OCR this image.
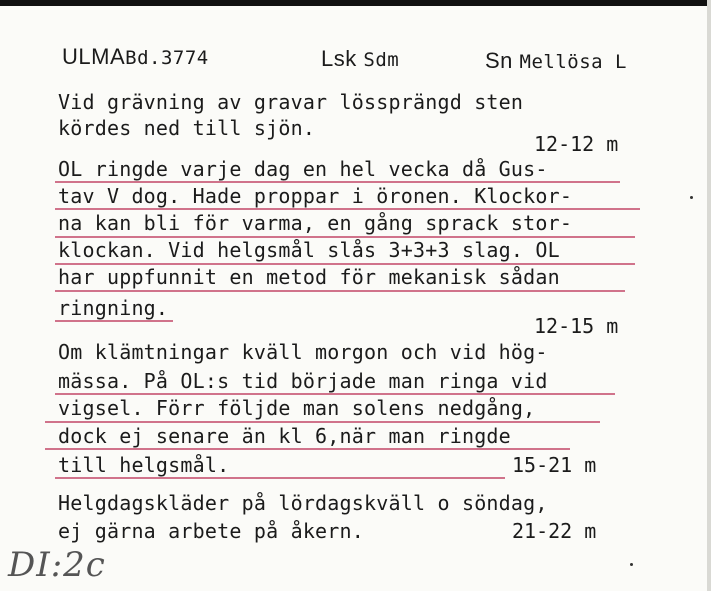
ULMABd.3774	Lsk Sdm	Sn Mellösa L
Vid grävning av gravar lössprängd sten
kördes ned till sjön.
12-12 m
OL ringde varje dag en hel vecka då Gus-
tav V dog. Hade proppar i öronen. Klockor-
na kan bli för varma, en gång sprack stor-
klockan. Vid helgsmål slås 3+3+3 slag. OL
har uppfunnit en metod för mekanisk sådan
ringning.
12-15 m
Om klämtningar kväll morgon och vid hög-
mässa. På OL:s tid började man ringa vid
vigsel. Förr följde man solens nedgång,
dock ej senare än kl 6,när man ringde
till helgsmål.	15-21 m
Helgdagskläder på lördagskväll o söndag,
ej gärna arbete på åkern.	21-22 m
DI:2c
